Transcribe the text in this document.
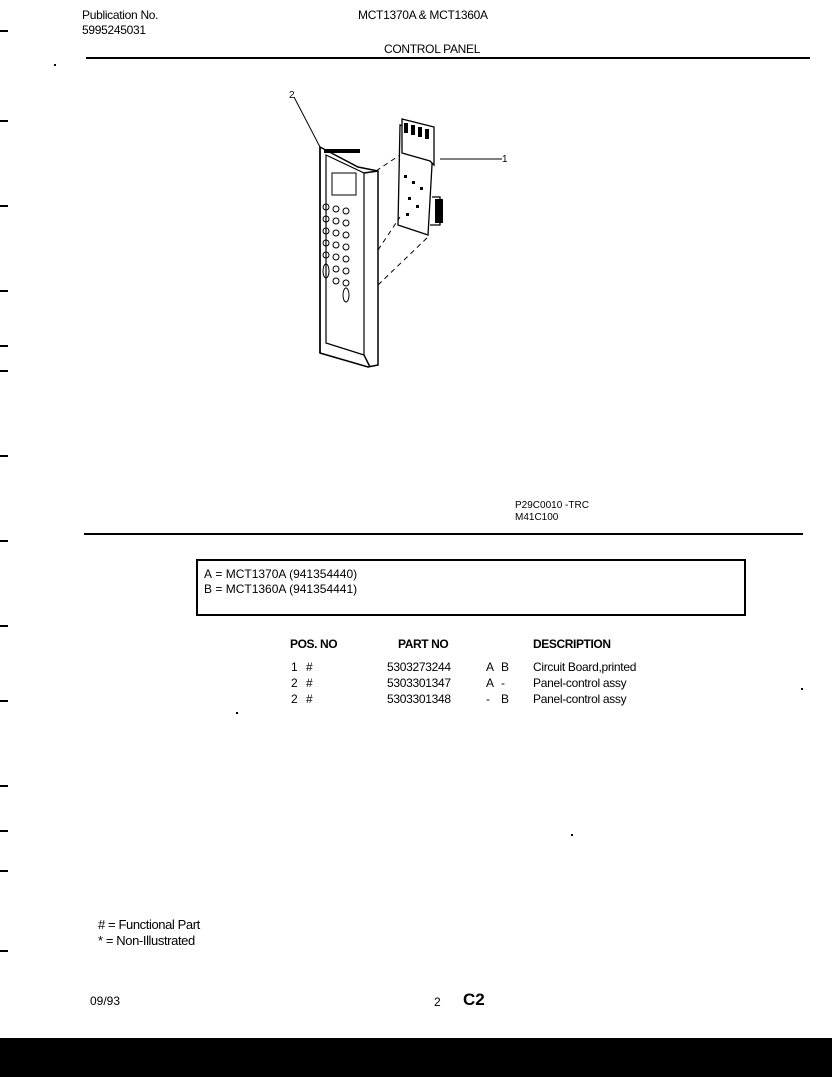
Publication No.
5995245031
MCT1370A & MCT1360A
CONTROL PANEL
2
1
P29C0010 -TRC
M41C100
A = MCT1370A (941354440)
B = MCT1360A (941354441)
POS. NO	PART NO	DESCRIPTION
1 #	5303273244	A B Circuit Board,printed
2 #	5303301347	A - Panel-control assy
2 #	5303301348	- B Panel-control assy
# = Functional Part
* = Non-Illustrated
09/93	2 C2
